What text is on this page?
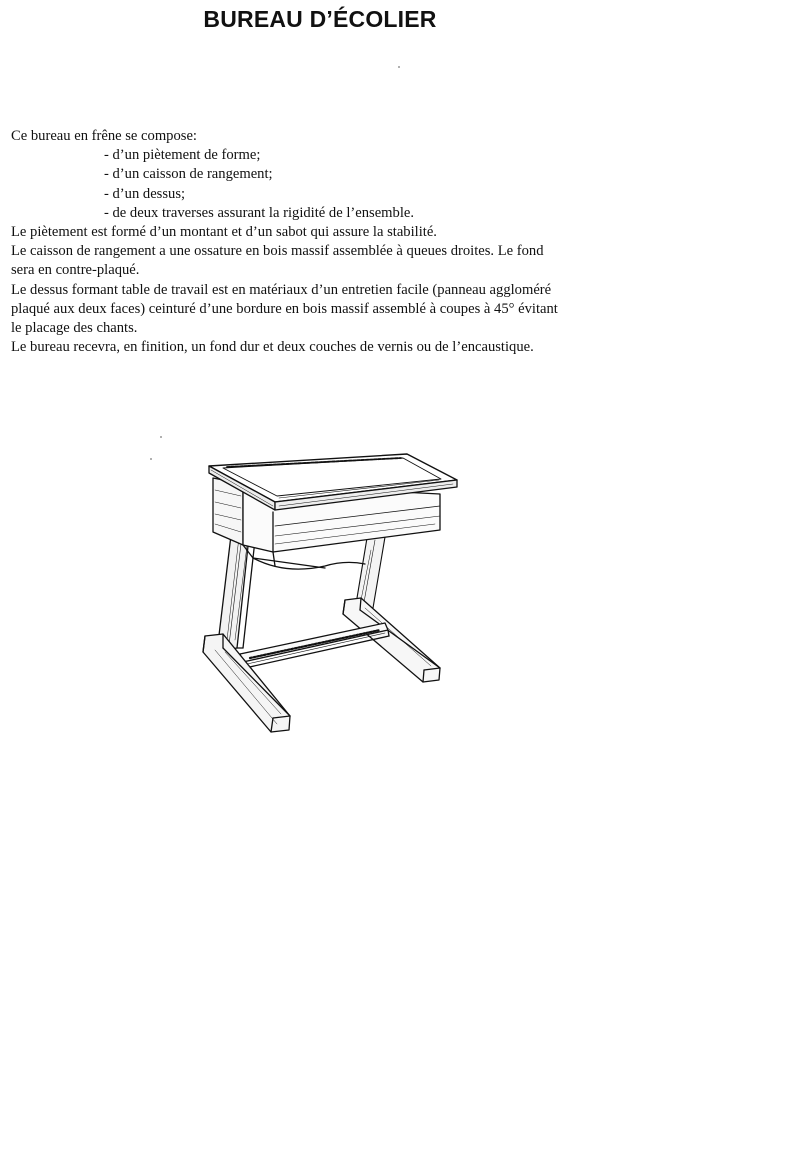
BUREAU D’ÉCOLIER

Ce bureau en frêne se compose:

- d’un piètement de forme;

- d’un caisson de rangement;

- d’un dessus;

- de deux traverses assurant la rigidité de l’ensemble.

Le piètement est formé d’un montant et d’un sabot qui assure la stabilité.

Le caisson de rangement a une ossature en bois massif assemblée à queues droites. Le fond

sera en contre-plaqué.

Le dessus formant table de travail est en matériaux d’un entretien facile (panneau aggloméré

plaqué aux deux faces) ceinturé d’une bordure en bois massif assemblé à coupes à 45° évitant

le placage des chants.

Le bureau recevra, en finition, un fond dur et deux couches de vernis ou de l’encaustique.
